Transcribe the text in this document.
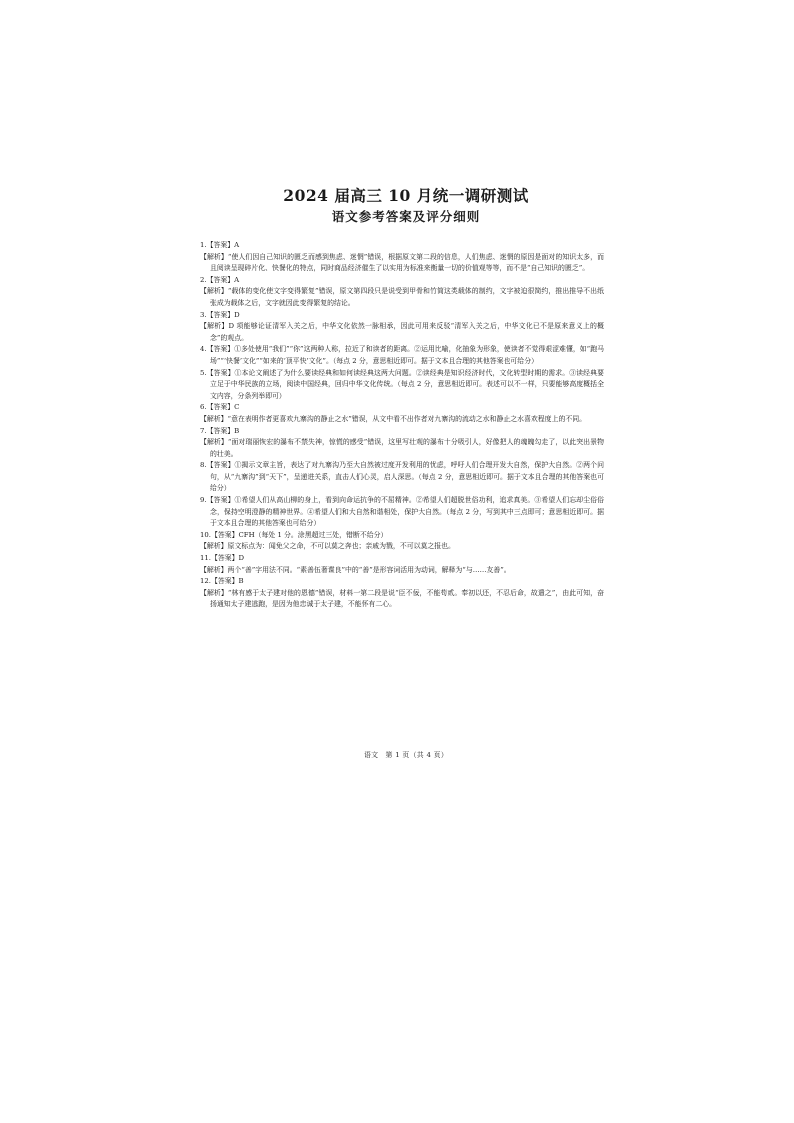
2024 届高三 10 月统一调研测试
语文参考答案及评分细则

1.【答案】A

【解析】“使人们因自己知识的匮乏而感到焦虑、迷惘”错误，根据原文第二段的信息，人们焦虑、迷惘的原因是面对的知识太多，而且阅读呈现碎片化、快餐化的特点，同时商品经济催生了以实用为标准来衡量一切的价值观等等，而不是“自己知识的匮乏”。

2.【答案】A

【解析】“载体的变化使文字变得繁复”错误，原文第四段只是说受到甲骨和竹简这类载体的制约，文字被迫很简约，推出推导不出纸张成为载体之后，文字就因此变得繁复的结论。

3.【答案】D

【解析】D 项能够论证清军入关之后，中华文化依然一脉相承，因此可用来反驳“清军入关之后，中华文化已不是原来意义上的概念”的观点。

4.【答案】①多处使用“我们”“你”这两种人称，拉近了和读者的距离。②运用比喻，化抽象为形象，使读者不觉得艰涩难懂，如“跑马场”“‘快餐’文化”“如来的‘顶平快’文化”。（每点 2 分，意思相近即可。据于文本且合理的其他答案也可给分）

5.【答案】①本论文阐述了为什么要读经典和如何读经典这两大问题。②读经典是知识经济时代，文化转型时期的需求。③读经典要立足于中华民族的立场，阅读中国经典，回归中华文化传统。（每点 2 分，意思相近即可。表述可以不一样，只要能够高度概括全文内容，分条列举即可）

6.【答案】C

【解析】“意在表明作者更喜欢九寨沟的静止之水”错误，从文中看不出作者对九寨沟的流动之水和静止之水喜欢程度上的不同。

7.【答案】B

【解析】“面对瑞丽恢宏的瀑布不禁失神，惊慌的感受”错误，这里写壮观的瀑布十分吸引人，好像把人的魂魄勾走了，以此突出景物的壮美。

8.【答案】①揭示文章主旨，表达了对九寨沟乃至大自然被过度开发利用的忧虑，呼吁人们合理开发大自然，保护大自然。②两个问句，从“九寨沟”到“天下”，呈递进关系，直击人们心灵，启人深思。（每点 2 分，意思相近即可。据于文本且合理的其他答案也可给分）

9.【答案】①希望人们从高山柳的身上，看到向命运抗争的不屈精神。②希望人们超脱世俗功利，追求真美。③希望人们忘却尘俗俗念，保持空明澄静的精神世界。④希望人们和大自然和谐相处，保护大自然。（每点 2 分，写到其中三点即可；意思相近即可。据于文本且合理的其他答案也可给分）

10.【答案】CFH（每处 1 分。涂黑超过三处，错断不给分）

【解析】原文标点为：闻免父之命，不可以莫之奔也；亲戚为戮，不可以莫之报也。

11.【答案】D

【解析】两个“善”字用法不同。“素善伍奢谍良”中的“善”是形容词活用为动词，解释为“与……友善”。

12.【答案】B

【解析】“林有感于太子建对他的恩德”错误，材料一第二段是说“臣不佞，不能苟贰。奉初以还，不忍后命，故遣之”，由此可知，奋扬通知太子建逃跑，是因为他忠诚于太子建，不能怀有二心。

语文　第 1 页（共 4 页）
